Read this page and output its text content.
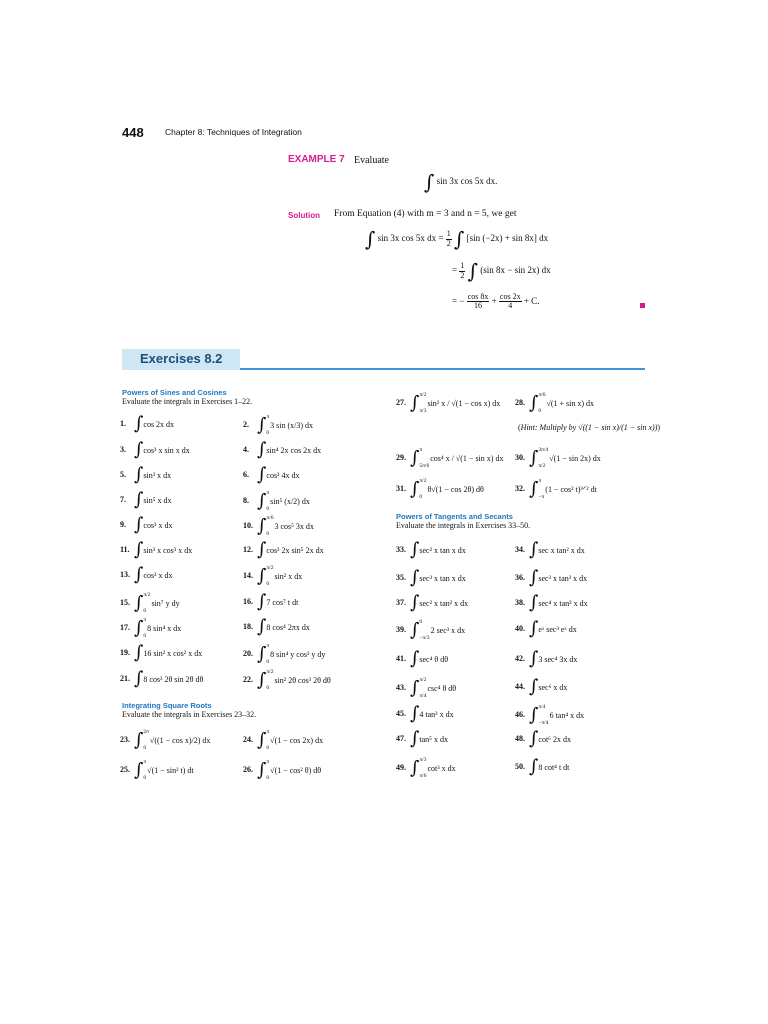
448	Chapter 8: Techniques of Integration
EXAMPLE 7 Evaluate
∫ sin 3x cos 5x dx.
Solution From Equation (4) with m = 3 and n = 5, we get
∫ sin 3x cos 5x dx = $\frac{1}{2}$ ∫ [sin (−2x) + sin 8x] dx
= $\frac{1}{2}$ ∫ (sin 8x − sin 2x) dx
= − $\frac{\cos 8x}{16} + \frac{\cos 2x}{4} + C$.
Exercises 8.2
Powers of Sines and Cosines
Evaluate the integrals in Exercises 1–22.
Integrating Square Roots
Evaluate the integrals in Exercises 23–32.
Powers of Tangents and Secants
Evaluate the integrals in Exercises 33–50.
1. ∫cos 2x dx	2. ∫ π
0
3 sin (x/3) dx
3. ∫cos³ x sin x dx	4. ∫sin⁴ 2x cos 2x dx
5. ∫sin³ x dx	6. ∫cos³ 4x dx
7. ∫sin⁵ x dx	8. ∫ π
0
sin⁵ (x/2) dx
9. ∫cos³ x dx	10. ∫ π/6
0
3 cos⁵ 3x dx
11. ∫sin³ x cos³ x dx	12. ∫cos³ 2x sin⁵ 2x dx
13. ∫cos² x dx	14. ∫ π/2
0
sin² x dx
15. ∫ π/2
0
sin⁷ y dy	16. ∫7 cos⁷ t dt
17. ∫ π
0
8 sin⁴ x dx	18. ∫8 cos⁴ 2πx dx
19. ∫16 sin² x cos² x dx	20. ∫ π
0
8 sin⁴ y cos² y dy
21. ∫8 cos³ 2θ sin 2θ dθ	22. ∫ π/2
0
sin² 2θ cos³ 2θ dθ
23. ∫ 2π
0
√((1 − cos x)/2) dx	24. ∫ π
0
√(1 − cos 2x) dx
25. ∫ π
0
√(1 − sin² t) dt	26. ∫ π
0
√(1 − cos² θ) dθ
27. ∫ π/2
π/3
sin² x / √(1 − cos x) dx 28. ∫ π/6
0
√(1 + sin x) dx
29. ∫ π
5π/6
cos⁴ x / √(1 − sin x) dx 30. ∫ 3π/4
π/2
√(1 − sin 2x) dx
31. ∫ π/2
0
θ√(1 − cos 2θ) dθ	32. ∫ π
−π
(1 − cos² t)³ᐟ² dt
33. ∫sec² x tan x dx	34. ∫sec x tan² x dx
35. ∫sec³ x tan x dx	36. ∫sec³ x tan³ x dx
37. ∫sec² x tan² x dx	38. ∫sec⁴ x tan² x dx
39. ∫ 0
−π/3
2 sec³ x dx	40. ∫eˣ sec³ eˣ dx
41. ∫sec⁴ θ dθ	42. ∫3 sec⁴ 3x dx
43. ∫ π/2
π/4
csc⁴ θ dθ	44. ∫sec⁶ x dx
45. ∫4 tan³ x dx	46. ∫ π/4
−π/4
6 tan⁴ x dx
47. ∫tan⁵ x dx	48. ∫cot⁶ 2x dx
49. ∫ π/3
π/6
cot³ x dx	50. ∫8 cot⁴ t dt
(Hint: Multiply by √((1 − sin x)/(1 − sin x)))
